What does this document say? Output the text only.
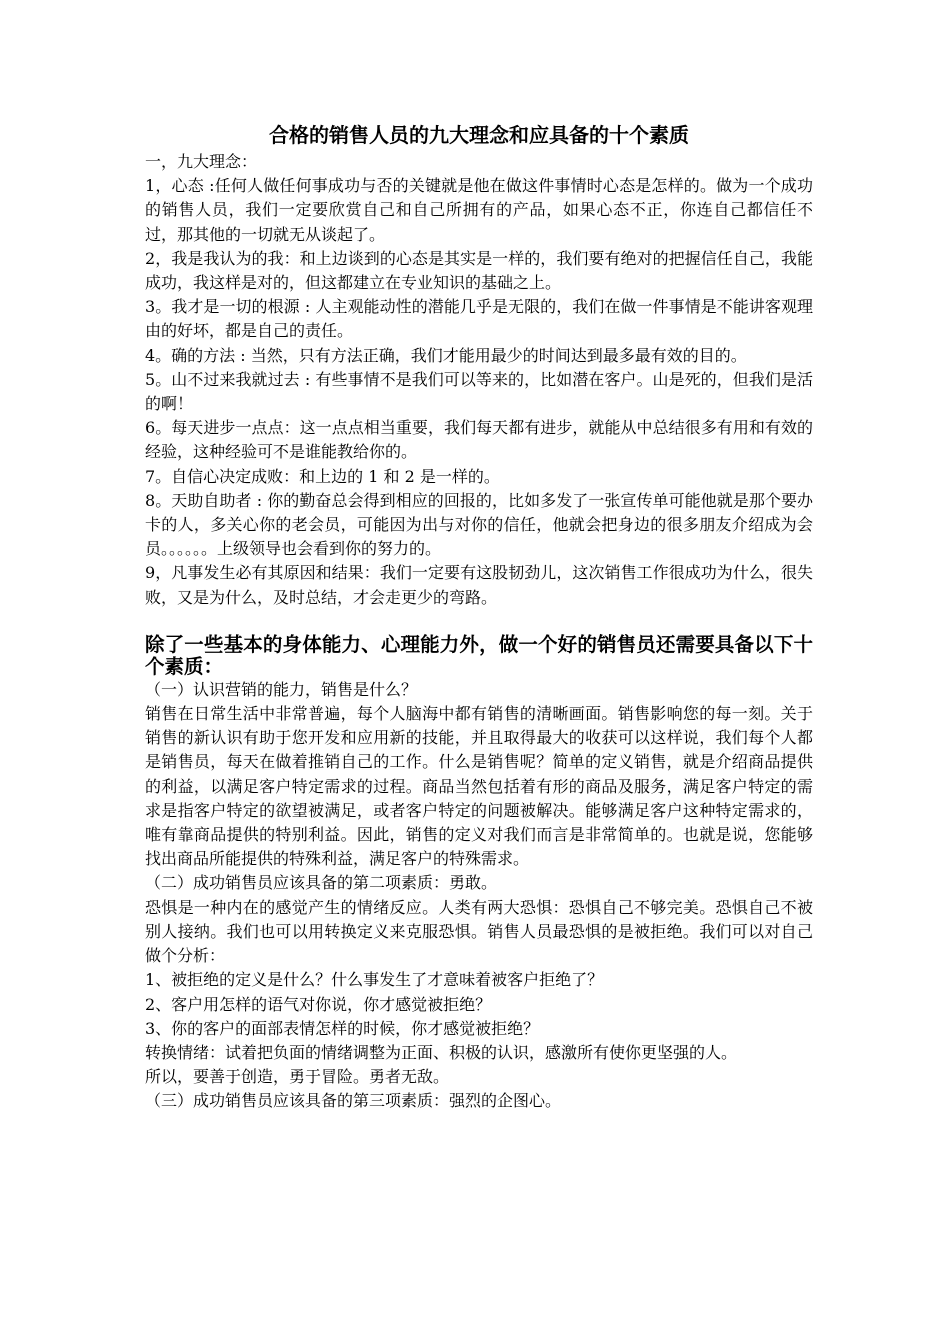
合格的销售人员的九大理念和应具备的十个素质

一，九大理念：

1，心态 :任何人做任何事成功与否的关键就是他在做这件事情时心态是怎样的。做为一个成功的销售人员，我们一定要欣赏自己和自己所拥有的产品，如果心态不正，你连自己都信任不过，那其他的一切就无从谈起了。

2，我是我认为的我：和上边谈到的心态是其实是一样的，我们要有绝对的把握信任自己，我能成功，我这样是对的，但这都建立在专业知识的基础之上。

3。我才是一切的根源 : 人主观能动性的潜能几乎是无限的，我们在做一件事情是不能讲客观理由的好坏，都是自己的责任。

4。确的方法 : 当然，只有方法正确，我们才能用最少的时间达到最多最有效的目的。

5。山不过来我就过去 : 有些事情不是我们可以等来的，比如潜在客户。山是死的，但我们是活的啊！

6。每天进步一点点：这一点点相当重要，我们每天都有进步，就能从中总结很多有用和有效的经验，这种经验可不是谁能教给你的。

7。自信心决定成败：和上边的 1 和 2 是一样的。

8。天助自助者 : 你的勤奋总会得到相应的回报的，比如多发了一张宣传单可能他就是那个要办卡的人，多关心你的老会员，可能因为出与对你的信任，他就会把身边的很多朋友介绍成为会员。。。。。。上级领导也会看到你的努力的。

9，凡事发生必有其原因和结果：我们一定要有这股韧劲儿，这次销售工作很成功为什么，很失败，又是为什么，及时总结，才会走更少的弯路。

除了一些基本的身体能力、心理能力外，做一个好的销售员还需要具备以下十个素质：

（一）认识营销的能力，销售是什么？

销售在日常生活中非常普遍，每个人脑海中都有销售的清晰画面。销售影响您的每一刻。关于销售的新认识有助于您开发和应用新的技能，并且取得最大的收获可以这样说，我们每个人都是销售员，每天在做着推销自己的工作。什么是销售呢？简单的定义销售，就是介绍商品提供的利益，以满足客户特定需求的过程。商品当然包括着有形的商品及服务，满足客户特定的需求是指客户特定的欲望被满足，或者客户特定的问题被解决。能够满足客户这种特定需求的，唯有靠商品提供的特别利益。因此，销售的定义对我们而言是非常简单的。也就是说，您能够找出商品所能提供的特殊利益，满足客户的特殊需求。

（二）成功销售员应该具备的第二项素质：勇敢。

恐惧是一种内在的感觉产生的情绪反应。人类有两大恐惧：恐惧自己不够完美。恐惧自己不被别人接纳。我们也可以用转换定义来克服恐惧。销售人员最恐惧的是被拒绝。我们可以对自己做个分析：

1、被拒绝的定义是什么？什么事发生了才意味着被客户拒绝了？

2、客户用怎样的语气对你说，你才感觉被拒绝？

3、你的客户的面部表情怎样的时候，你才感觉被拒绝？

转换情绪：试着把负面的情绪调整为正面、积极的认识，感激所有使你更坚强的人。

所以，要善于创造，勇于冒险。勇者无敌。

（三）成功销售员应该具备的第三项素质：强烈的企图心。
